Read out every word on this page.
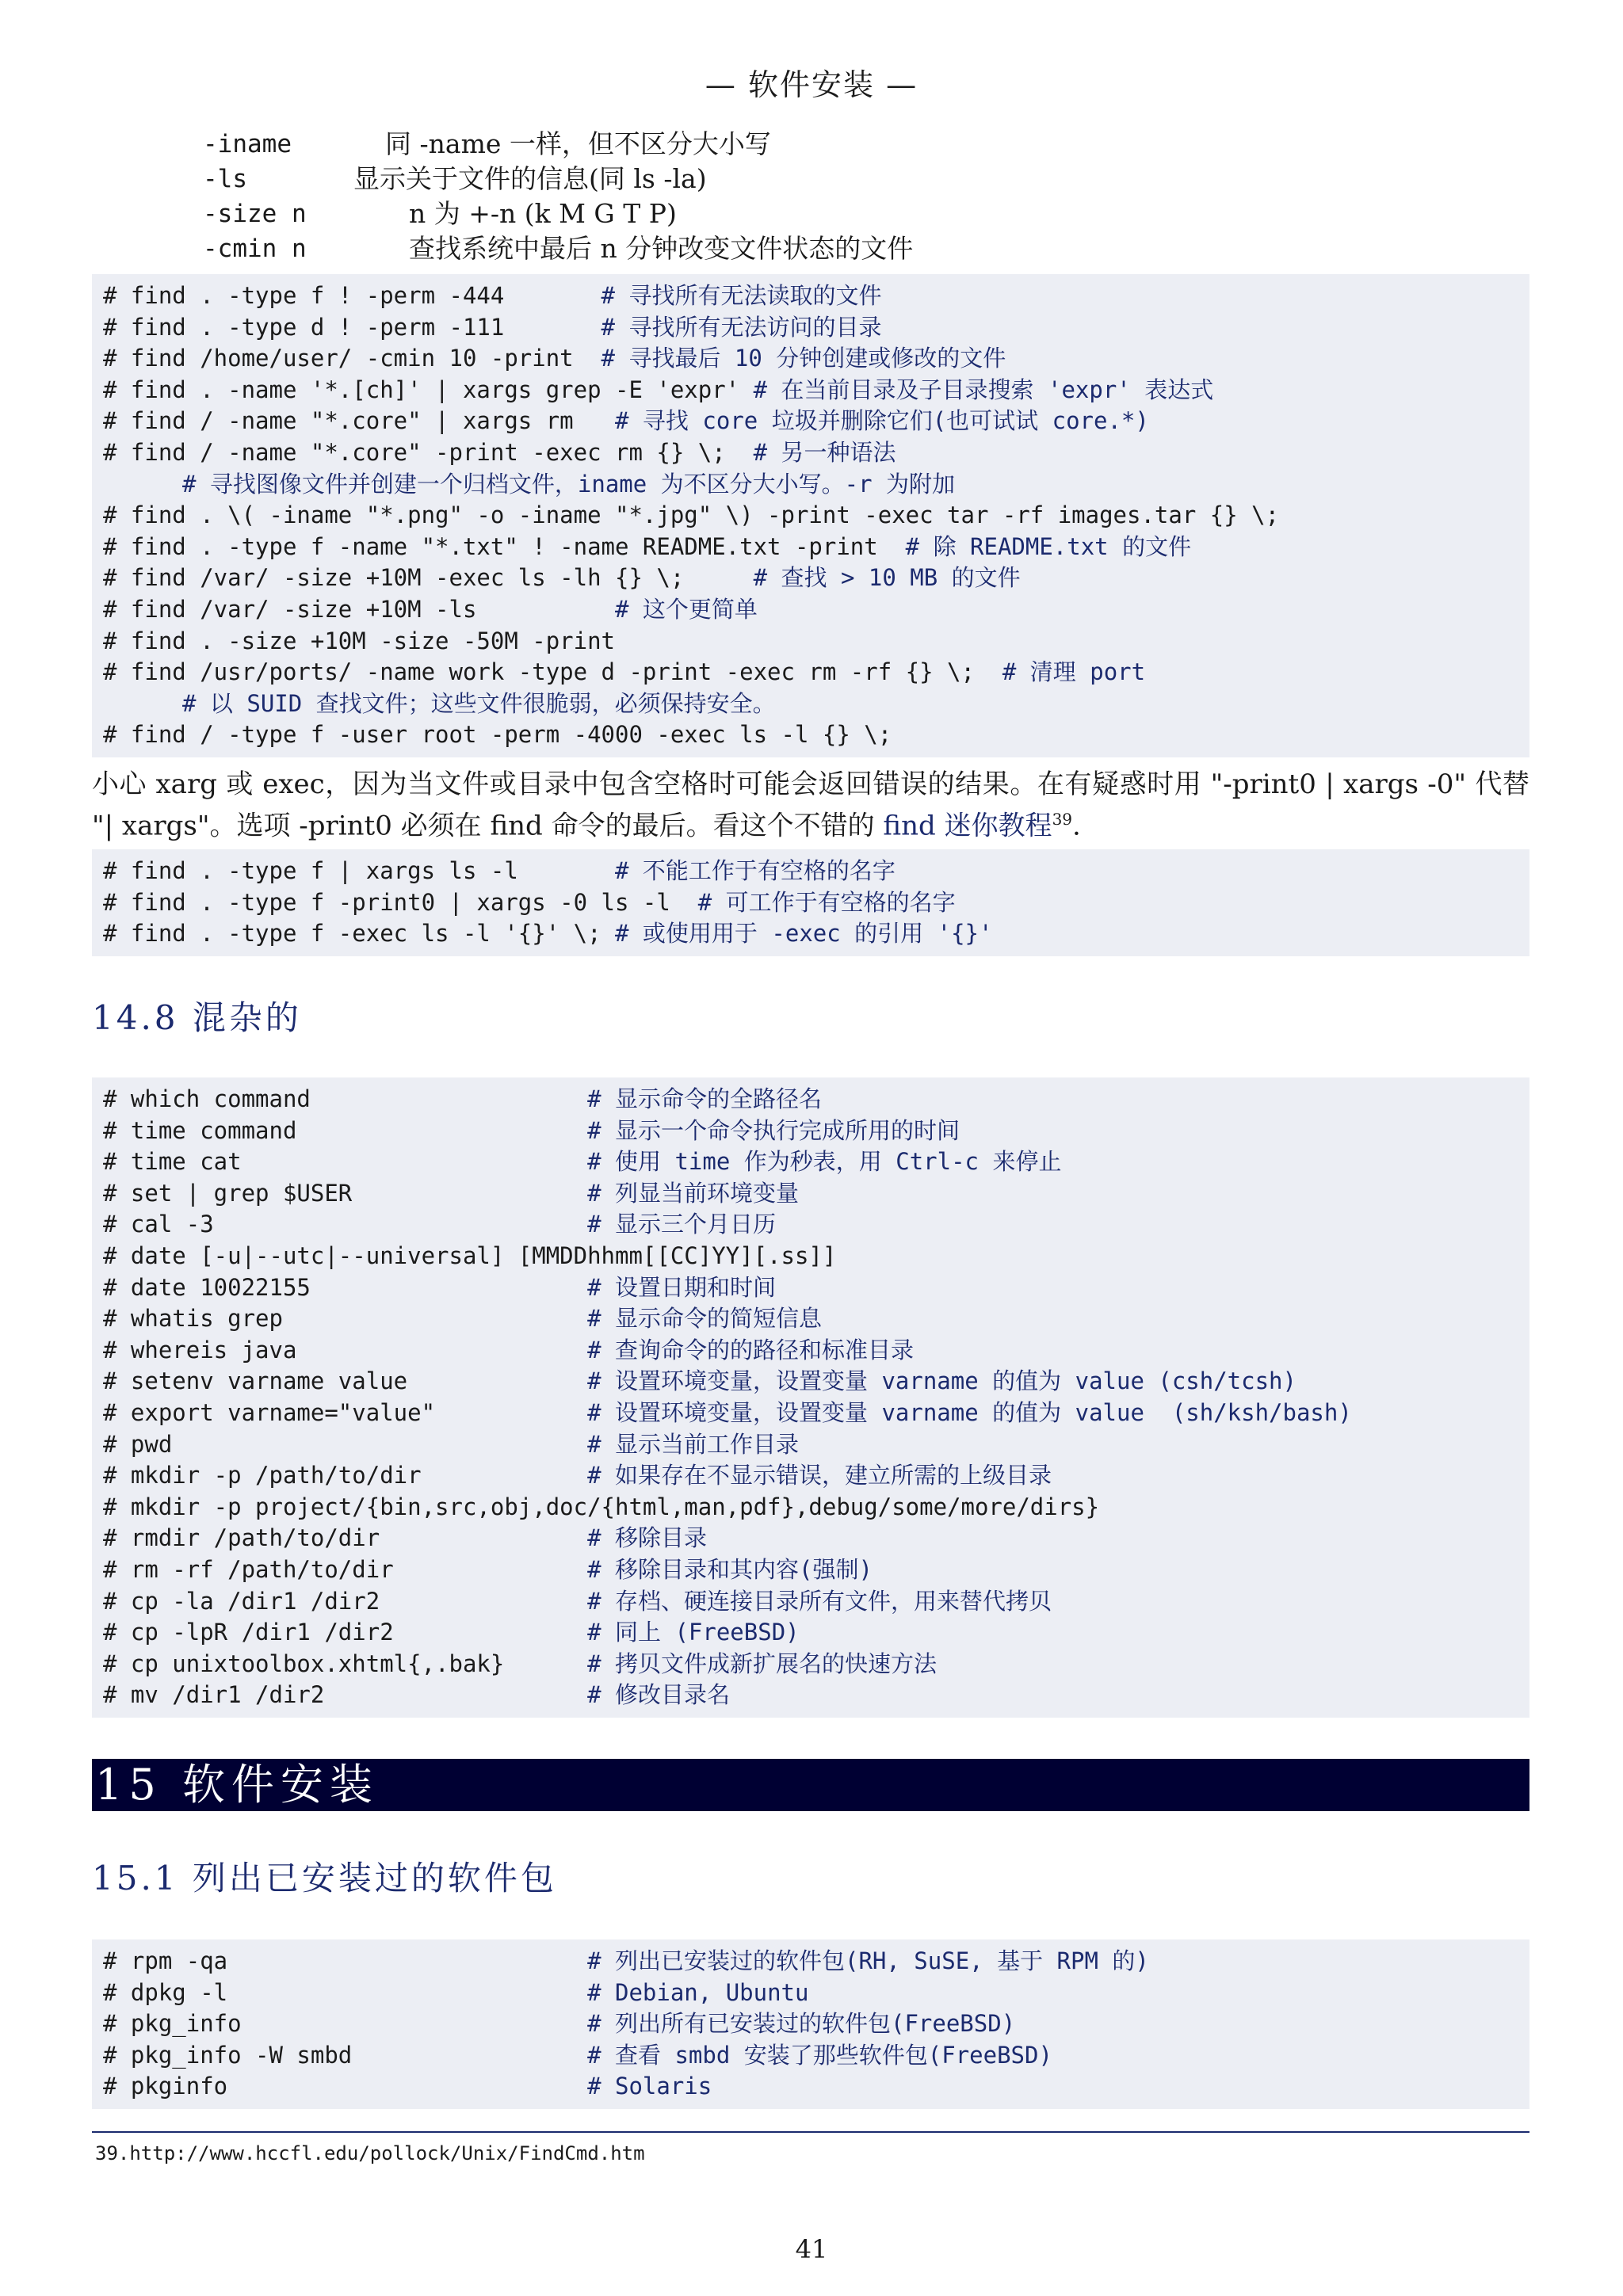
— 软件安装 —
-iname	同 -name 一样，但不区分大小写
-ls	显示关于文件的信息(同 ls -la)
-size n	n 为 +-n (k M G T P)
-cmin n	查找系统中最后 n 分钟改变文件状态的文件
# find . -type f ! -perm -444       # 寻找所有无法读取的文件
# find . -type d ! -perm -111       # 寻找所有无法访问的目录
# find /home/user/ -cmin 10 -print  # 寻找最后 10 分钟创建或修改的文件
# find . -name '*.[ch]' | xargs grep -E 'expr' # 在当前目录及子目录搜索 'expr' 表达式
# find / -name "*.core" | xargs rm   # 寻找 core 垃圾并删除它们(也可试试 core.*)
# find / -name "*.core" -print -exec rm {} \;  # 另一种语法
# 寻找图像文件并创建一个归档文件，iname 为不区分大小写。-r 为附加
# find . \( -iname "*.png" -o -iname "*.jpg" \) -print -exec tar -rf images.tar {} \;
# find . -type f -name "*.txt" ! -name README.txt -print  # 除 README.txt 的文件
# find /var/ -size +10M -exec ls -lh {} \;     # 查找 > 10 MB 的文件
# find /var/ -size +10M -ls          # 这个更简单
# find . -size +10M -size -50M -print
# find /usr/ports/ -name work -type d -print -exec rm -rf {} \;  # 清理 port
# 以 SUID 查找文件；这些文件很脆弱，必须保持安全。
# find / -type f -user root -perm -4000 -exec ls -l {} \;
小心 xarg 或 exec，因为当文件或目录中包含空格时可能会返回错误的结果。在有疑惑时用 "-print0 | xargs -0" 代替 "| xargs"。选项 -print0 必须在 find 命令的最后。看这个不错的 find 迷你教程$^{39}$.
# find . -type f | xargs ls -l       # 不能工作于有空格的名字
# find . -type f -print0 | xargs -0 ls -l  # 可工作于有空格的名字
# find . -type f -exec ls -l '{}' \; # 或使用用于 -exec 的引用 '{}'
14.8 混杂的
# which command                    # 显示命令的全路径名
# time command                     # 显示一个命令执行完成所用的时间
# time cat                         # 使用 time 作为秒表，用 Ctrl-c 来停止
# set | grep $USER                 # 列显当前环境变量
# cal -3                           # 显示三个月日历
# date [-u|--utc|--universal] [MMDDhhmm[[CC]YY][.ss]]
# date 10022155                    # 设置日期和时间
# whatis grep                      # 显示命令的简短信息
# whereis java                     # 查询命令的的路径和标准目录
# setenv varname value             # 设置环境变量，设置变量 varname 的值为 value (csh/tcsh)
# export varname="value"           # 设置环境变量，设置变量 varname 的值为 value  (sh/ksh/bash)
# pwd                              # 显示当前工作目录
# mkdir -p /path/to/dir            # 如果存在不显示错误，建立所需的上级目录
# mkdir -p project/{bin,src,obj,doc/{html,man,pdf},debug/some/more/dirs}
# rmdir /path/to/dir               # 移除目录
# rm -rf /path/to/dir              # 移除目录和其内容(强制)
# cp -la /dir1 /dir2               # 存档、硬连接目录所有文件，用来替代拷贝
# cp -lpR /dir1 /dir2              # 同上 (FreeBSD)
# cp unixtoolbox.xhtml{,.bak}      # 拷贝文件成新扩展名的快速方法
# mv /dir1 /dir2                   # 修改目录名
15 软件安装
15.1 列出已安装过的软件包
# rpm -qa                          # 列出已安装过的软件包(RH, SuSE, 基于 RPM 的)
# dpkg -l                          # Debian, Ubuntu
# pkg_info                         # 列出所有已安装过的软件包(FreeBSD)
# pkg_info -W smbd                 # 查看 smbd 安装了那些软件包(FreeBSD)
# pkginfo                          # Solaris
39.http://www.hccfl.edu/pollock/Unix/FindCmd.htm
41
